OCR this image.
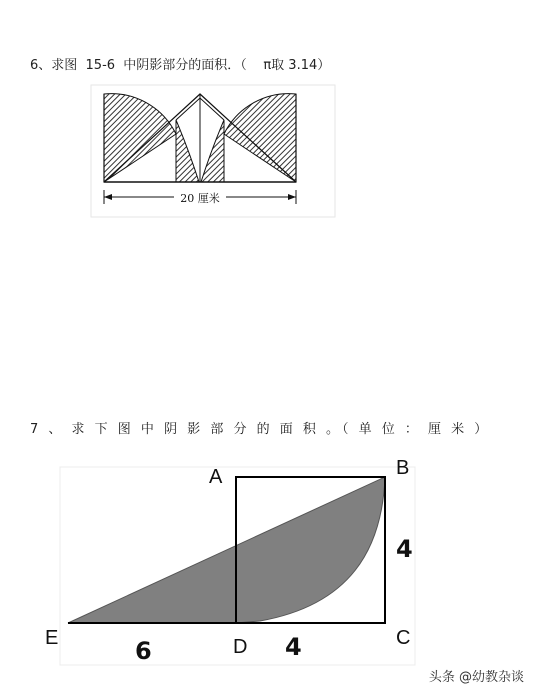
6、求图  15-6  中阴影部分的面积．（    π取 3.14）
20 厘米
7 、 求 下 图 中 阴 影 部 分 的 面 积 。（ 单 位 ： 厘 米 ）
A	B
C
D
E	6	4
4
头条 @幼教杂谈
